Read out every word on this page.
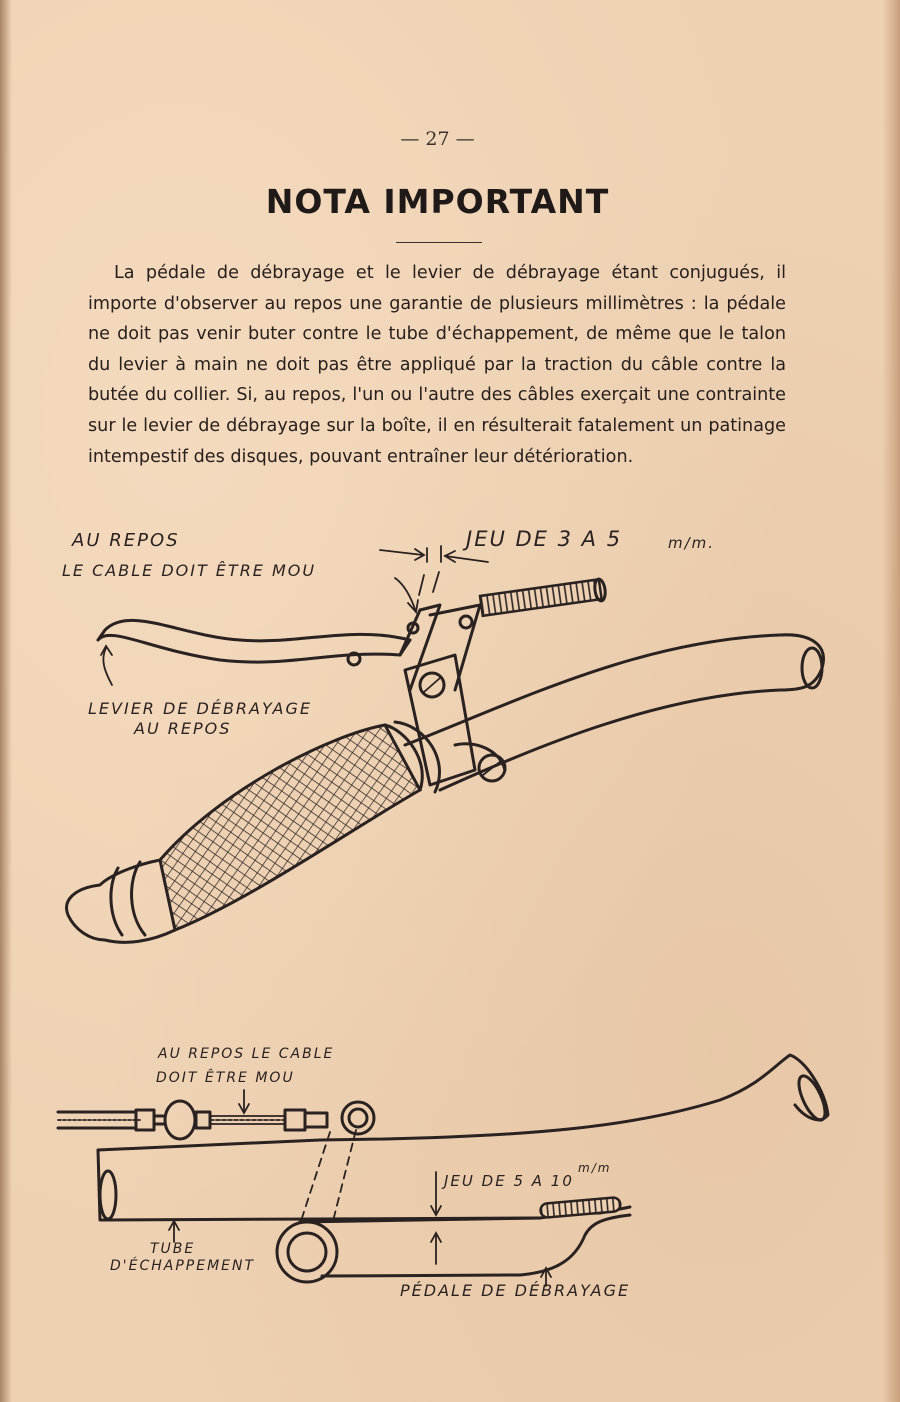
— 27 —
NOTA IMPORTANT

La pédale de débrayage et le levier de débrayage étant conjugués, il importe d'observer au repos une garantie de plusieurs millimètres : la pédale ne doit pas venir buter contre le tube d'échappement, de même que le talon du levier à main ne doit pas être appliqué par la traction du câble contre la butée du collier. Si, au repos, l'un ou l'autre des câbles exerçait une contrainte sur le levier de débrayage sur la boîte, il en résulterait fatalement un patinage intempestif des disques, pouvant entraîner leur détérioration.

AU REPOS
LE CABLE DOIT ÊTRE MOU
JEU DE 3 A 5	m/m.
LEVIER DE DÉBRAYAGE
AU REPOS
AU REPOS LE CABLE
DOIT ÊTRE MOU
JEU DE 5 A 10
m/m
TUBE
D'ÉCHAPPEMENT
PÉDALE DE DÉBRAYAGE
